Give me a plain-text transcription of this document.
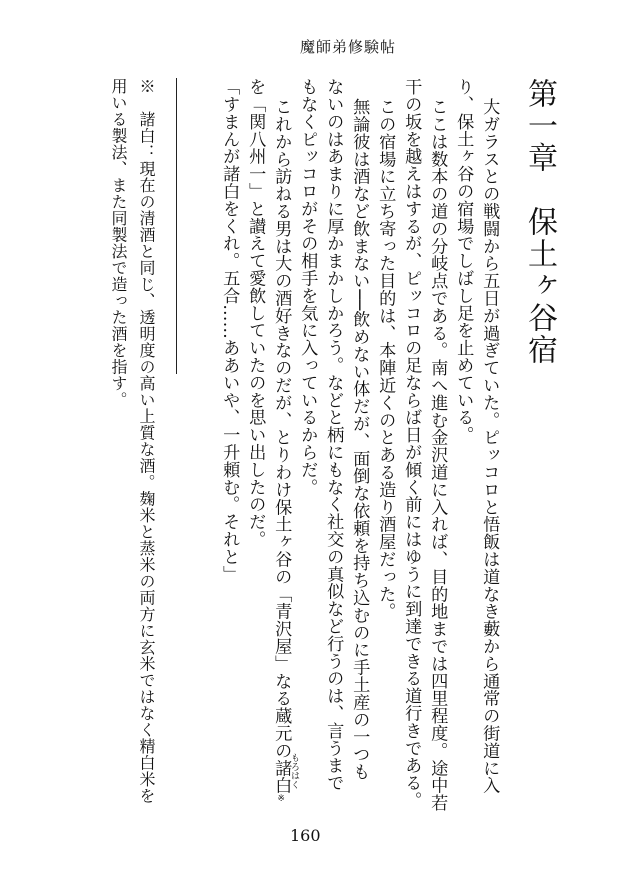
魔師弟修験帖
第一章　保土ヶ谷宿
大ガラスとの戦闘から五日が過ぎていた。ピッコロと悟飯は道なき藪から通常の街道に入
り、保土ヶ谷の宿場でしばし足を止めている。
ここは数本の道の分岐点である。南へ進む金沢道に入れば、目的地までは四里程度。途中若
干の坂を越えはするが、ピッコロの足ならば日が傾く前にはゆうに到達できる道行きである。
この宿場に立ち寄った目的は、本陣近くのとある造り酒屋だった。
無論彼は酒など飲まない──飲めない体だが、面倒な依頼を持ち込むのに手土産の一つも
ないのはあまりに厚かまかしかろう。などと柄にもなく社交の真似など行うのは、言うまで
もなくピッコロがその相手を気に入っているからだ。
これから訪ねる男は大の酒好きなのだが、とりわけ保土ヶ谷の「青沢屋」なる蔵元の諸白※
もろはく
を「関八州一」と讃えて愛飲していたのを思い出したのだ。
「すまんが諸白をくれ。五合……ああいや、一升頼む。それと」
※　諸白：現在の清酒と同じ、透明度の高い上質な酒。麹米と蒸米の両方に玄米ではなく精白米を
用いる製法、また同製法で造った酒を指す。
160
